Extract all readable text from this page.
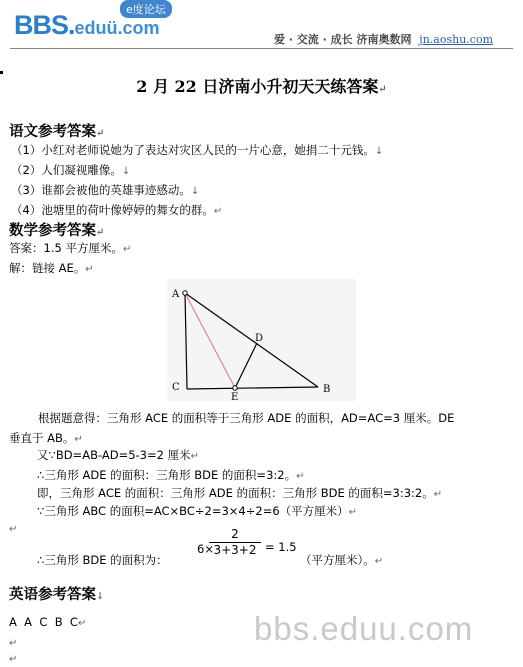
BBS.eduü.com
e度论坛
爱 · 交流 · 成长 济南奥数网 jn.aoshu.com
2 月 22 日济南小升初天天练答案↵
语文参考答案↵
（1）小红对老师说她为了表达对灾区人民的一片心意，她捐二十元钱。↓
（2）人们凝视雕像。↓
（3）谁都会被他的英雄事迹感动。↓
（4）池塘里的荷叶像婷婷的舞女的群。↵
数学参考答案↵
答案：1.5 平方厘米。↵
解：链接 AE。↵
A
C
E
D
B
根据题意得：三角形 ACE 的面积等于三角形 ADE 的面积，AD=AC=3 厘米。DE
垂直于 AB。↵
又∵BD=AB-AD=5-3=2 厘米↵
∴三角形 ADE 的面积：三角形 BDE 的面积=3:2。↵
即，三角形 ACE 的面积：三角形 ADE 的面积：三角形 BDE 的面积=3:3:2。↵
∵三角形 ABC 的面积=AC×BC÷2=3×4÷2=6（平方厘米）↵
↵
∴三角形 BDE 的面积为：
6×
$\frac{2}{3+3+2} = 1.5$
（平方厘米）。↵
英语参考答案↓
A  A  C  B  C↵
↵
↵
bbs.eduu.com
